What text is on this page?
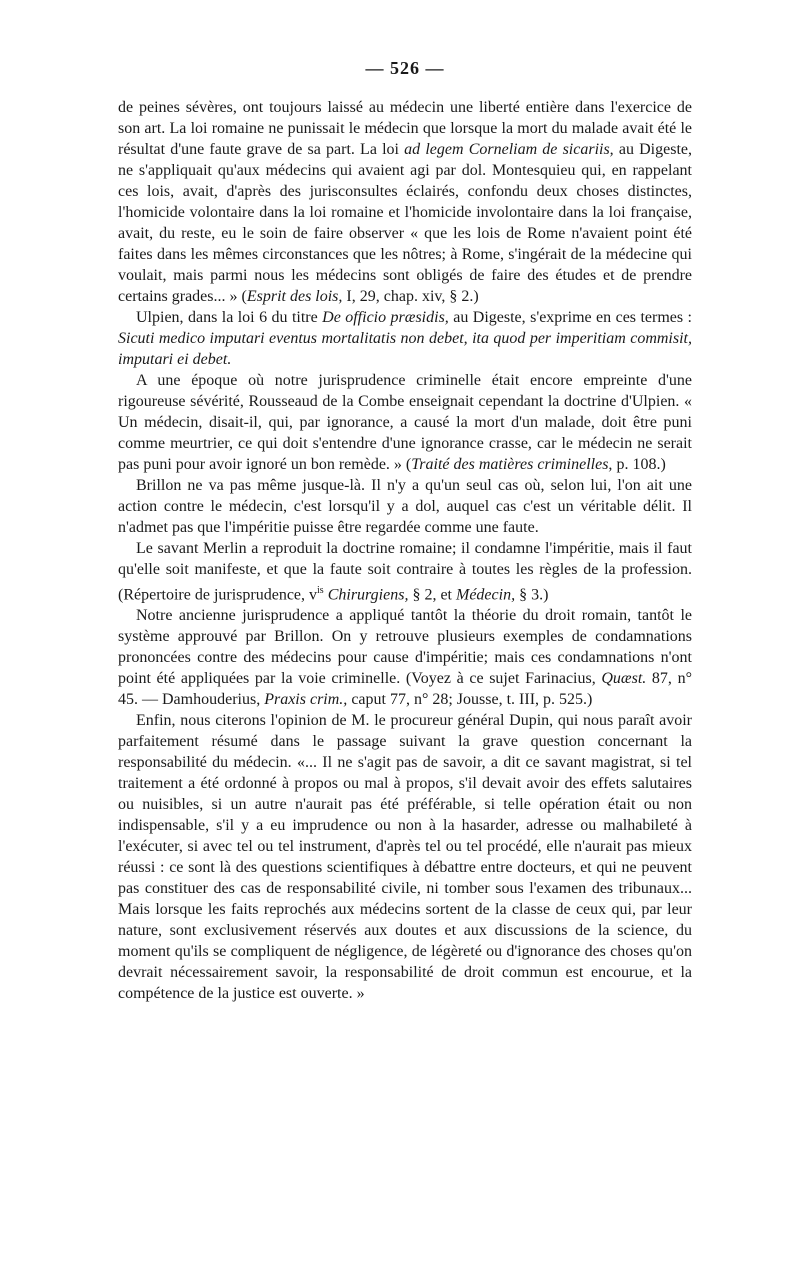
— 526 —

de peines sévères, ont toujours laissé au médecin une liberté entière dans l'exercice de son art. La loi romaine ne punissait le médecin que lorsque la mort du malade avait été le résultat d'une faute grave de sa part. La loi ad legem Corneliam de sicariis, au Digeste, ne s'appliquait qu'aux médecins qui avaient agi par dol. Montesquieu qui, en rappelant ces lois, avait, d'après des jurisconsultes éclairés, confondu deux choses distinctes, l'homicide volontaire dans la loi romaine et l'homicide involontaire dans la loi française, avait, du reste, eu le soin de faire observer « que les lois de Rome n'avaient point été faites dans les mêmes circonstances que les nôtres; à Rome, s'ingérait de la médecine qui voulait, mais parmi nous les médecins sont obligés de faire des études et de prendre certains grades... » (Esprit des lois, I, 29, chap. xiv, § 2.)

Ulpien, dans la loi 6 du titre De officio præsidis, au Digeste, s'exprime en ces termes : Sicuti medico imputari eventus mortalitatis non debet, ita quod per imperitiam commisit, imputari ei debet.

A une époque où notre jurisprudence criminelle était encore empreinte d'une rigoureuse sévérité, Rousseaud de la Combe enseignait cependant la doctrine d'Ulpien. « Un médecin, disait-il, qui, par ignorance, a causé la mort d'un malade, doit être puni comme meurtrier, ce qui doit s'entendre d'une ignorance crasse, car le médecin ne serait pas puni pour avoir ignoré un bon remède. » (Traité des matières criminelles, p. 108.)

Brillon ne va pas même jusque-là. Il n'y a qu'un seul cas où, selon lui, l'on ait une action contre le médecin, c'est lorsqu'il y a dol, auquel cas c'est un véritable délit. Il n'admet pas que l'impéritie puisse être regardée comme une faute.

Le savant Merlin a reproduit la doctrine romaine; il condamne l'impéritie, mais il faut qu'elle soit manifeste, et que la faute soit contraire à toutes les règles de la profession. (Répertoire de jurisprudence, $v^{is}$ Chirurgiens, § 2, et Médecin, § 3.)

Notre ancienne jurisprudence a appliqué tantôt la théorie du droit romain, tantôt le système approuvé par Brillon. On y retrouve plusieurs exemples de condamnations prononcées contre des médecins pour cause d'impéritie; mais ces condamnations n'ont point été appliquées par la voie criminelle. (Voyez à ce sujet Farinacius, Quæst. 87, n° 45. — Damhouderius, Praxis crim., caput 77, n° 28; Jousse, t. III, p. 525.)

Enfin, nous citerons l'opinion de M. le procureur général Dupin, qui nous paraît avoir parfaitement résumé dans le passage suivant la grave question concernant la responsabilité du médecin. «... Il ne s'agit pas de savoir, a dit ce savant magistrat, si tel traitement a été ordonné à propos ou mal à propos, s'il devait avoir des effets salutaires ou nuisibles, si un autre n'aurait pas été préférable, si telle opération était ou non indispensable, s'il y a eu imprudence ou non à la hasarder, adresse ou malhabileté à l'exécuter, si avec tel ou tel instrument, d'après tel ou tel procédé, elle n'aurait pas mieux réussi : ce sont là des questions scientifiques à débattre entre docteurs, et qui ne peuvent pas constituer des cas de responsabilité civile, ni tomber sous l'examen des tribunaux... Mais lorsque les faits reprochés aux médecins sortent de la classe de ceux qui, par leur nature, sont exclusivement réservés aux doutes et aux discussions de la science, du moment qu'ils se compliquent de négligence, de légèreté ou d'ignorance des choses qu'on devrait nécessairement savoir, la responsabilité de droit commun est encourue, et la compétence de la justice est ouverte. »
